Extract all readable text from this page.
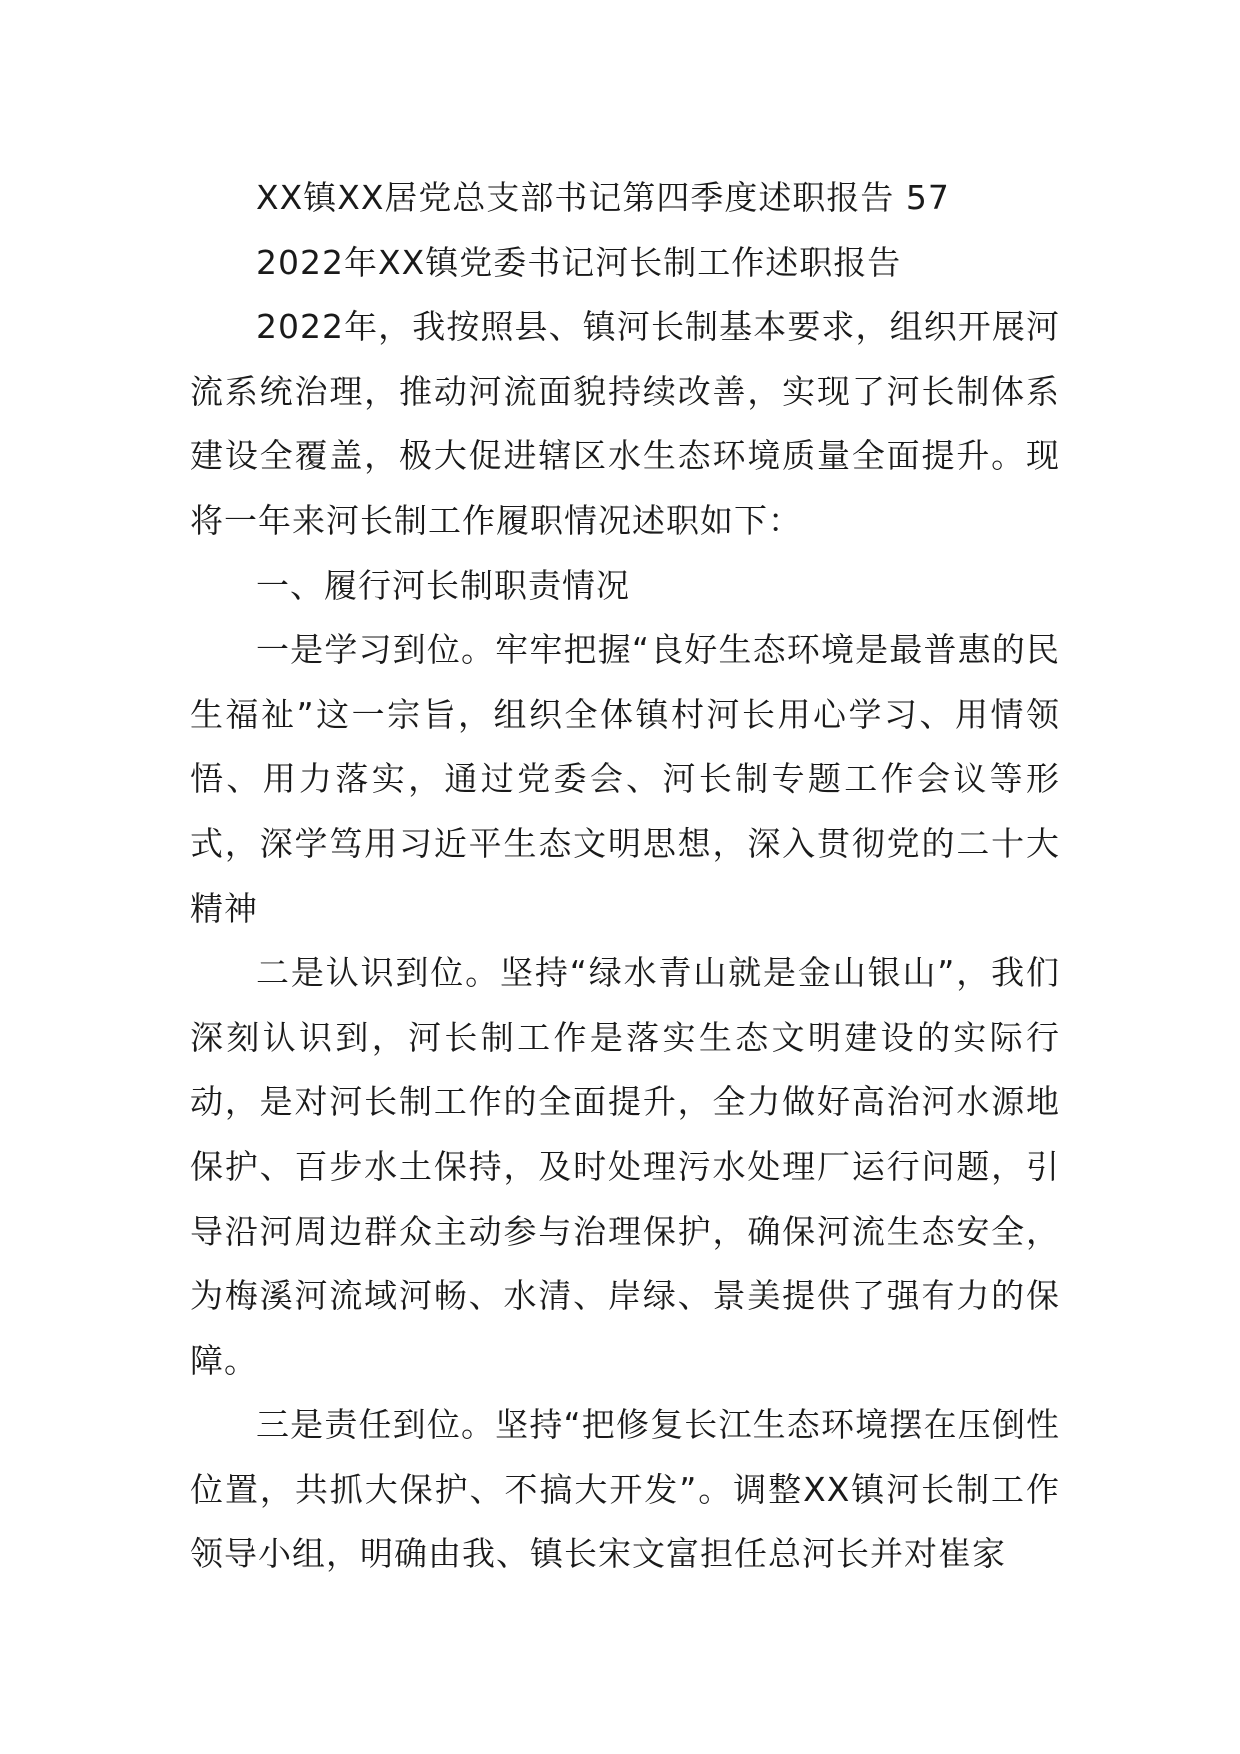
XX镇XX居党总支部书记第四季度述职报告 57

2022年XX镇党委书记河长制工作述职报告

2022年，我按照县、镇河长制基本要求，组织开展河流系统治理，推动河流面貌持续改善，实现了河长制体系建设全覆盖，极大促进辖区水生态环境质量全面提升。现将一年来河长制工作履职情况述职如下：

一、履行河长制职责情况

一是学习到位。牢牢把握“良好生态环境是最普惠的民生福祉”这一宗旨，组织全体镇村河长用心学习、用情领悟、用力落实，通过党委会、河长制专题工作会议等形式，深学笃用习近平生态文明思想，深入贯彻党的二十大精神

二是认识到位。坚持“绿水青山就是金山银山”，我们深刻认识到，河长制工作是落实生态文明建设的实际行动，是对河长制工作的全面提升，全力做好高治河水源地保护、百步水土保持，及时处理污水处理厂运行问题，引导沿河周边群众主动参与治理保护，确保河流生态安全，为梅溪河流域河畅、水清、岸绿、景美提供了强有力的保障。

三是责任到位。坚持“把修复长江生态环境摆在压倒性位置，共抓大保护、不搞大开发”。调整XX镇河长制工作领导小组，明确由我、镇长宋文富担任总河长并对崔家
